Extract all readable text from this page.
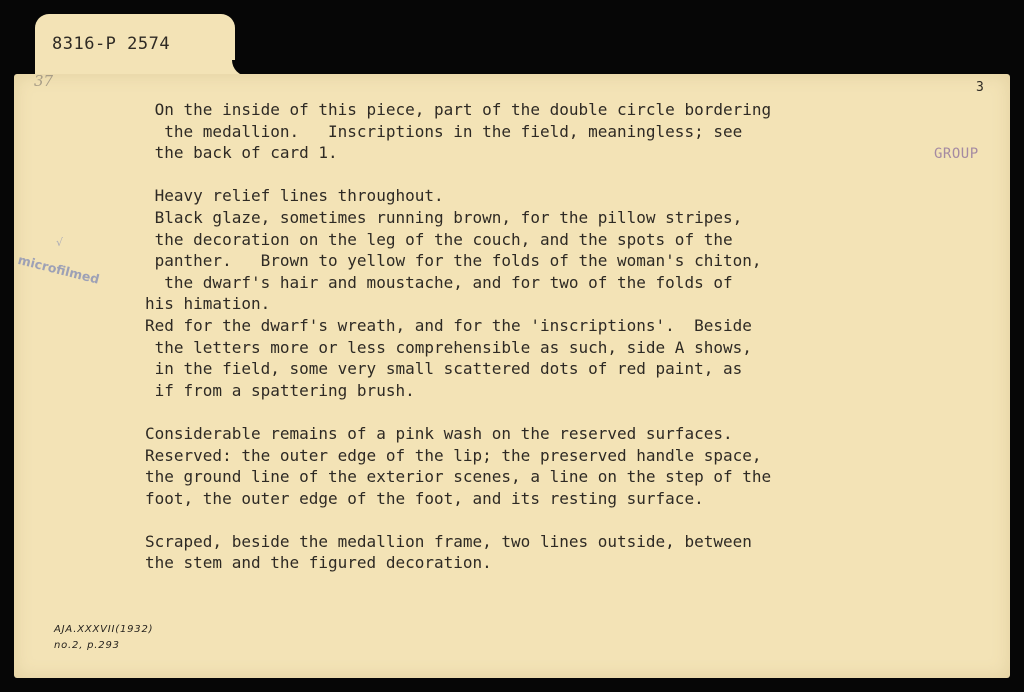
8316-P 2574
37	3
GROUP
√
microfilmed
On the inside of this piece, part of the double circle bordering
the medallion.   Inscriptions in the field, meaningless; see
the back of card 1.

Heavy relief lines throughout.
Black glaze, sometimes running brown, for the pillow stripes,
the decoration on the leg of the couch, and the spots of the
panther.   Brown to yellow for the folds of the woman's chiton,
the dwarf's hair and moustache, and for two of the folds of
his himation.
Red for the dwarf's wreath, and for the 'inscriptions'.  Beside
the letters more or less comprehensible as such, side A shows,
in the field, some very small scattered dots of red paint, as
if from a spattering brush.

Considerable remains of a pink wash on the reserved surfaces.
Reserved: the outer edge of the lip; the preserved handle space,
the ground line of the exterior scenes, a line on the step of the
foot, the outer edge of the foot, and its resting surface.

Scraped, beside the medallion frame, two lines outside, between
the stem and the figured decoration.
AJA.XXXVII(1932)
no.2, p.293
